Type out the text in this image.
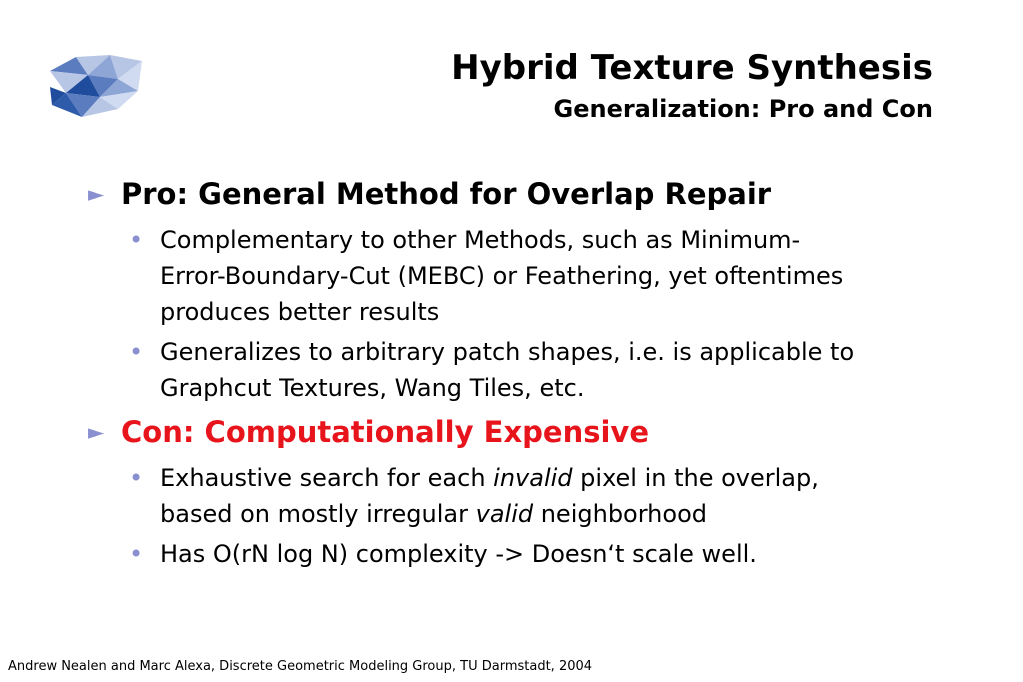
Hybrid Texture Synthesis
Generalization: Pro and Con
► Pro: General Method for Overlap Repair
• Complementary to other Methods, such as Minimum-
Error-Boundary-Cut (MEBC) or Feathering, yet oftentimes
produces better results
• Generalizes to arbitrary patch shapes, i.e. is applicable to
Graphcut Textures, Wang Tiles, etc.
► Con: Computationally Expensive
• Exhaustive search for each invalid pixel in the overlap,
based on mostly irregular valid neighborhood
• Has O(rN log N) complexity -> Doesn‘t scale well.
Andrew Nealen and Marc Alexa, Discrete Geometric Modeling Group, TU Darmstadt, 2004
